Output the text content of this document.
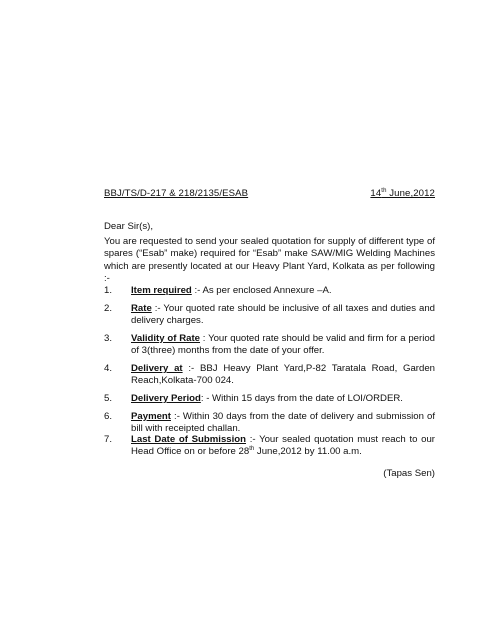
BBJ/TS/D-217 & 218/2135/ESAB	14th June,2012
Dear Sir(s),
You are requested to send your sealed quotation for supply of different type of spares (“Esab” make) required for “Esab” make SAW/MIG Welding Machines which are presently located at our Heavy Plant Yard, Kolkata as per following :-
1.	Item required :- As per enclosed Annexure –A.
2.	Rate :- Your quoted rate should be inclusive of all taxes and duties and delivery charges.
3.	Validity of Rate : Your quoted rate should be valid and firm for a period of 3(three) months from the date of your offer.
4.	Delivery at :- BBJ Heavy Plant Yard,P-82 Taratala Road, Garden Reach,Kolkata-700 024.
5.	Delivery Period: - Within 15 days from the date of LOI/ORDER.
6.	Payment :- Within 30 days from the date of delivery and submission of bill with receipted challan.
7.	Last Date of Submission :- Your sealed quotation must reach to our Head Office on or before 28th June,2012 by 11.00 a.m.
(Tapas Sen)
